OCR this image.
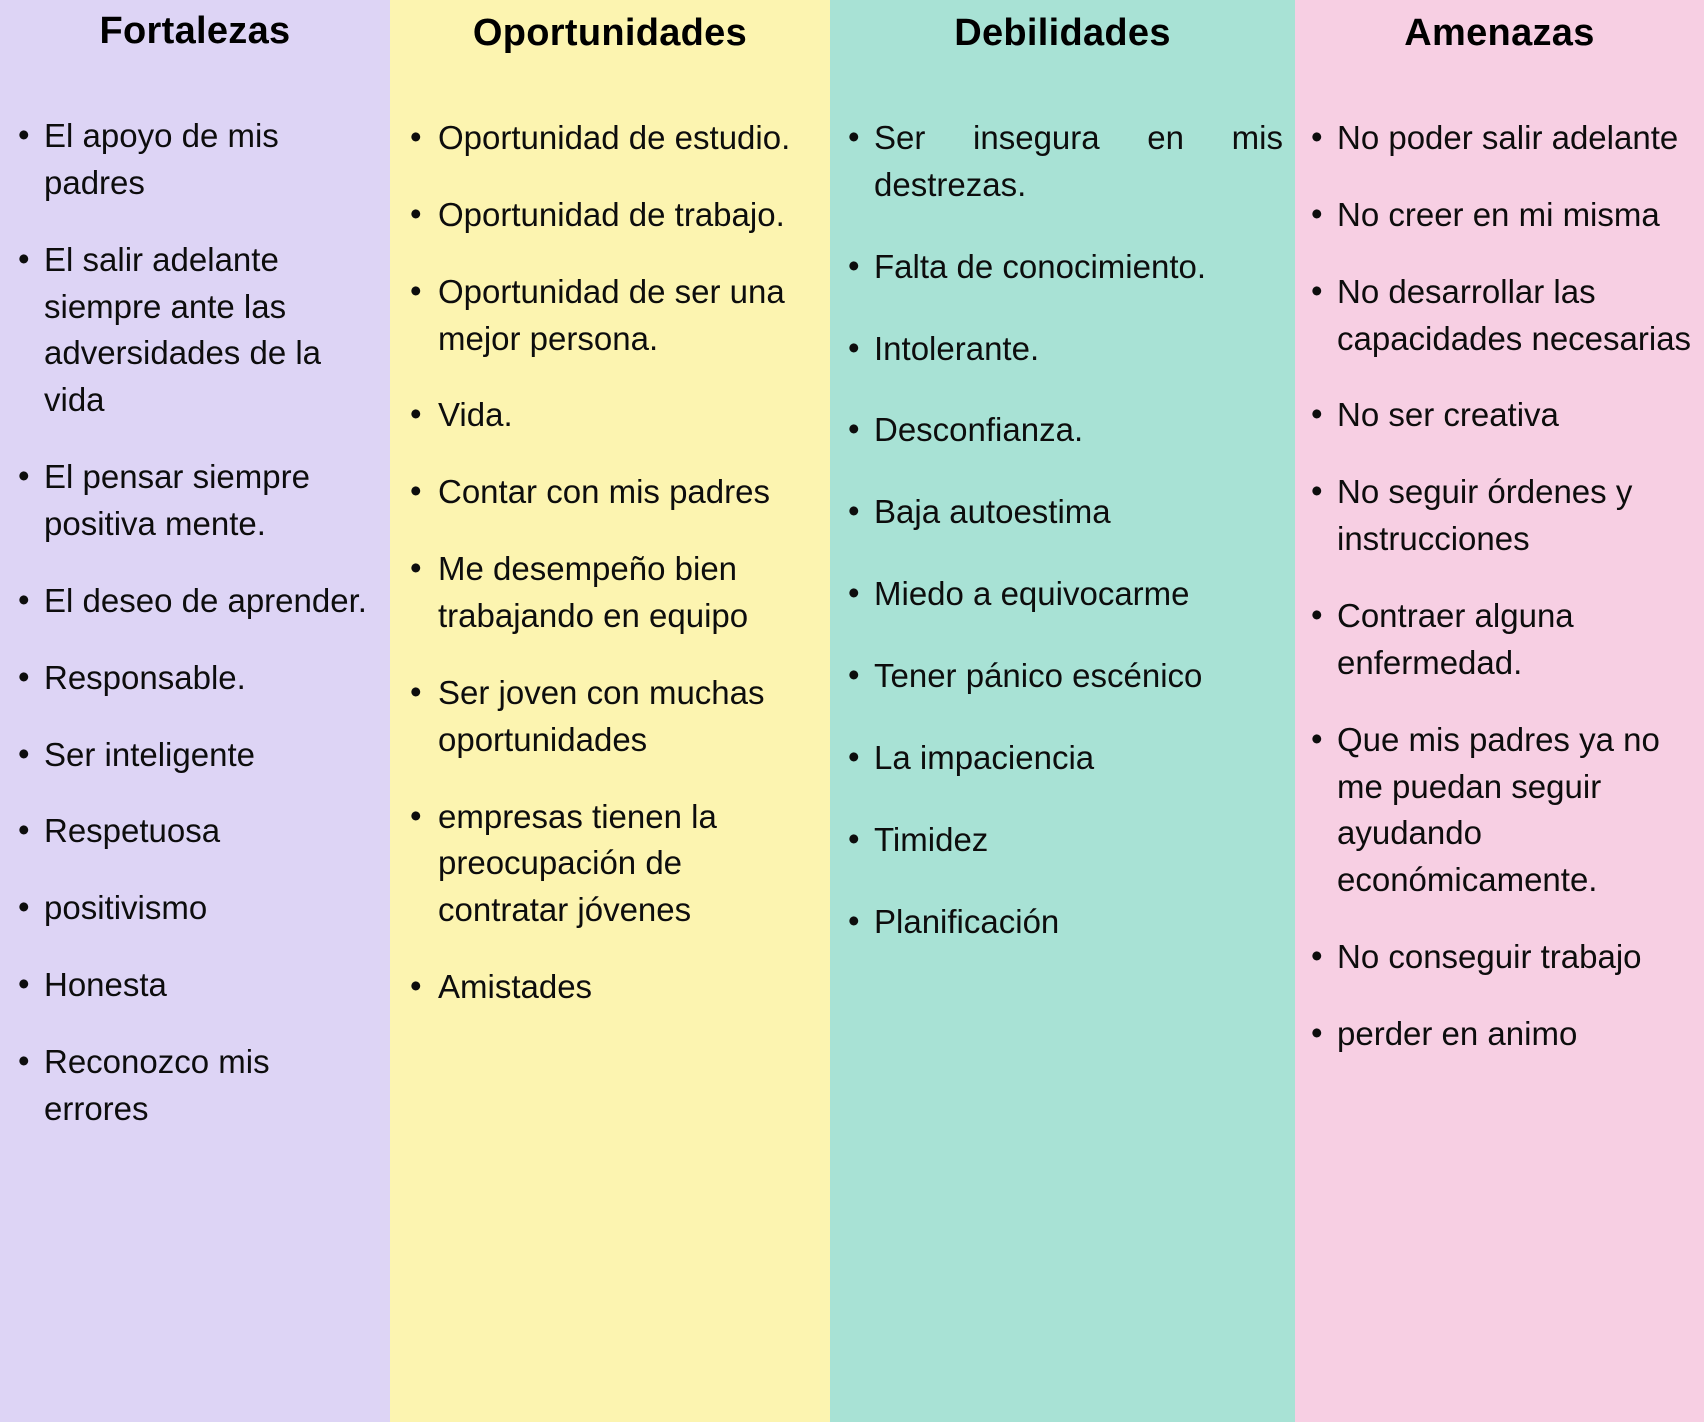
Fortalezas
• El apoyo de mis padres
• El salir adelante siempre ante las adversidades de la vida
• El pensar siempre positiva mente.
• El deseo de aprender.
• Responsable.
• Ser inteligente
• Respetuosa
• positivismo
• Honesta
• Reconozco mis errores
Oportunidades
• Oportunidad de estudio.
• Oportunidad de trabajo.
• Oportunidad de ser una mejor persona.
• Vida.
• Contar con mis padres
• Me desempeño bien trabajando en equipo
• Ser joven con muchas oportunidades
• empresas tienen la preocupación de contratar jóvenes
• Amistades
Debilidades
• Ser insegura en mis destrezas.
• Falta de conocimiento.
• Intolerante.
• Desconfianza.
• Baja autoestima
• Miedo a equivocarme
• Tener pánico escénico
• La impaciencia
• Timidez
• Planificación
Amenazas
• No poder salir adelante
• No creer en mi misma
• No desarrollar las capacidades necesarias
• No ser creativa
• No seguir órdenes y instrucciones
• Contraer alguna enfermedad.
• Que mis padres ya no me puedan seguir ayudando económicamente.
• No conseguir trabajo
• perder en animo
